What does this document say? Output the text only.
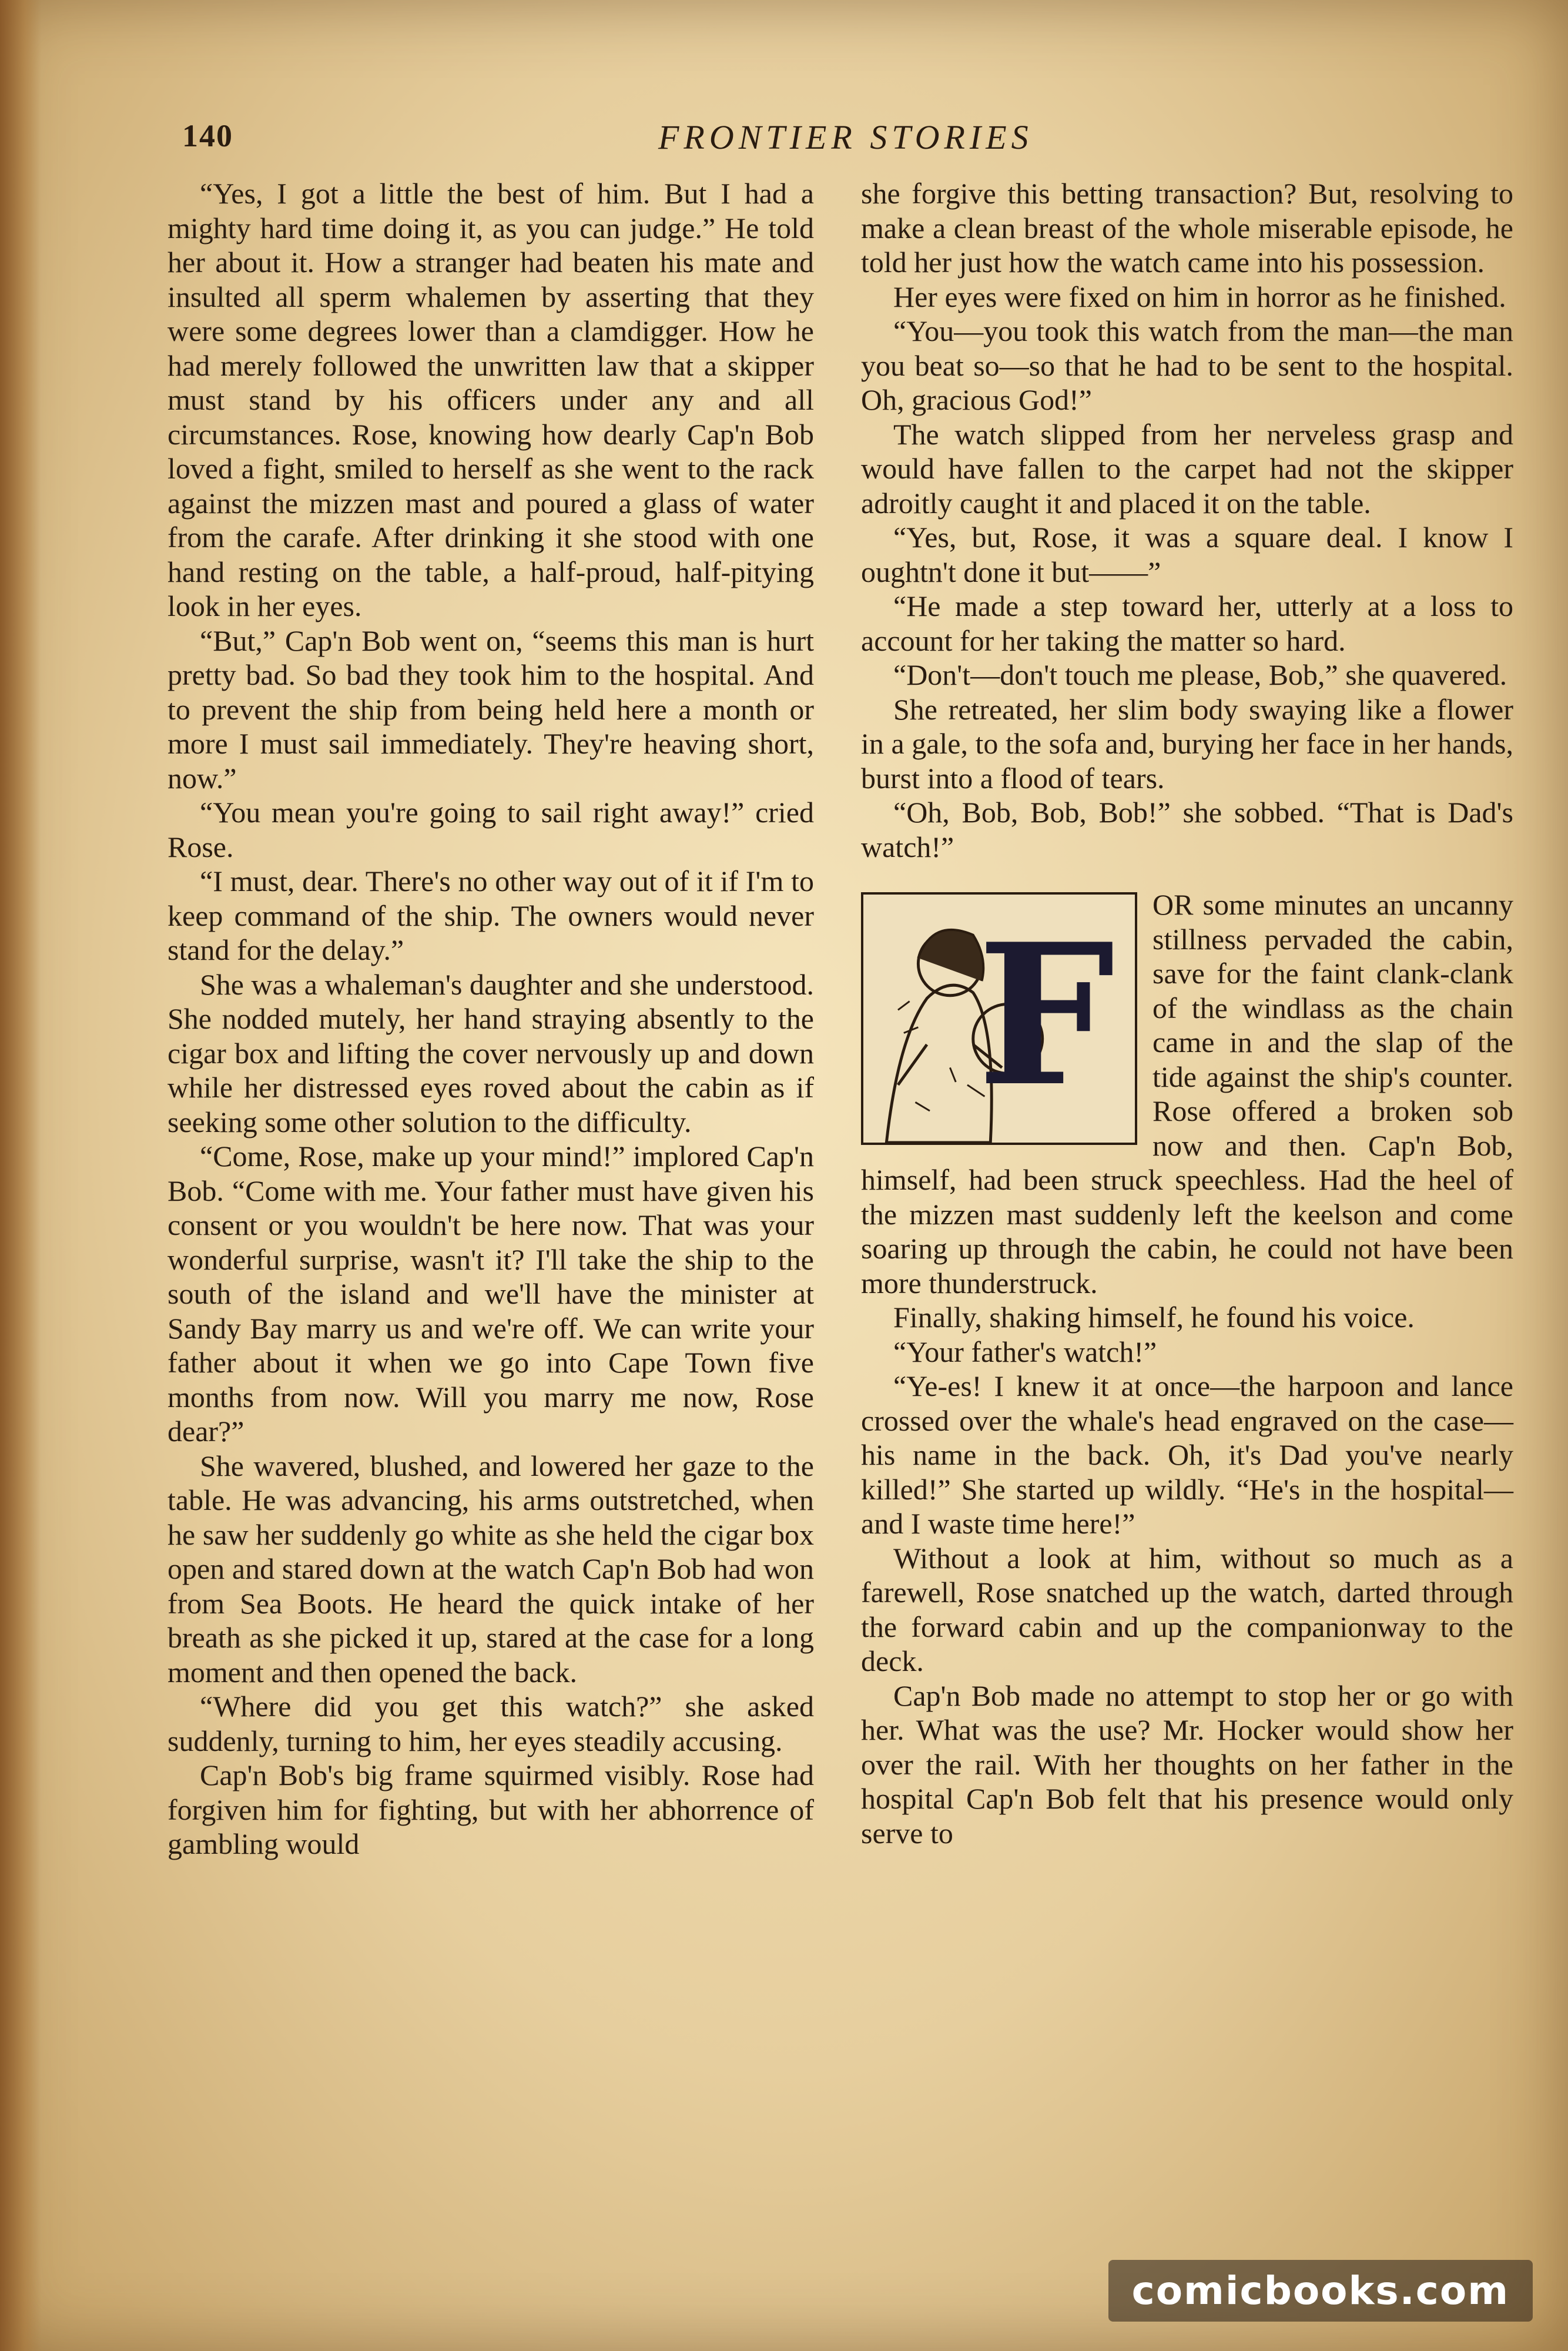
140	FRONTIER STORIES

“Yes, I got a little the best of him. But I had a mighty hard time doing it, as you can judge.” He told her about it. How a stranger had beaten his mate and insulted all sperm whalemen by asserting that they were some degrees lower than a clamdigger. How he had merely followed the unwritten law that a skipper must stand by his officers under any and all circumstances. Rose, knowing how dearly Cap'n Bob loved a fight, smiled to herself as she went to the rack against the mizzen mast and poured a glass of water from the carafe. After drinking it she stood with one hand resting on the table, a half-proud, half-pitying look in her eyes.

“But,” Cap'n Bob went on, “seems this man is hurt pretty bad. So bad they took him to the hospital. And to prevent the ship from being held here a month or more I must sail immediately. They're heaving short, now.”

“You mean you're going to sail right away!” cried Rose.

“I must, dear. There's no other way out of it if I'm to keep command of the ship. The owners would never stand for the delay.”

She was a whaleman's daughter and she understood. She nodded mutely, her hand straying absently to the cigar box and lifting the cover nervously up and down while her distressed eyes roved about the cabin as if seeking some other solution to the difficulty.

“Come, Rose, make up your mind!” implored Cap'n Bob. “Come with me. Your father must have given his consent or you wouldn't be here now. That was your wonderful surprise, wasn't it? I'll take the ship to the south of the island and we'll have the minister at Sandy Bay marry us and we're off. We can write your father about it when we go into Cape Town five months from now. Will you marry me now, Rose dear?”

She wavered, blushed, and lowered her gaze to the table. He was advancing, his arms outstretched, when he saw her suddenly go white as she held the cigar box open and stared down at the watch Cap'n Bob had won from Sea Boots. He heard the quick intake of her breath as she picked it up, stared at the case for a long moment and then opened the back.

“Where did you get this watch?” she asked suddenly, turning to him, her eyes steadily accusing.

Cap'n Bob's big frame squirmed visibly. Rose had forgiven him for fighting, but with her abhorrence of gambling would

she forgive this betting transaction? But, resolving to make a clean breast of the whole miserable episode, he told her just how the watch came into his possession.

Her eyes were fixed on him in horror as he finished.

“You—you took this watch from the man—the man you beat so—so that he had to be sent to the hospital. Oh, gracious God!”

The watch slipped from her nerveless grasp and would have fallen to the carpet had not the skipper adroitly caught it and placed it on the table.

“Yes, but, Rose, it was a square deal. I know I oughtn't done it but——”

“He made a step toward her, utterly at a loss to account for her taking the matter so hard.

“Don't—don't touch me please, Bob,” she quavered.

She retreated, her slim body swaying like a flower in a gale, to the sofa and, burying her face in her hands, burst into a flood of tears.

“Oh, Bob, Bob, Bob!” she sobbed. “That is Dad's watch!”

F	OR some minutes an uncanny stillness pervaded the cabin, save for the faint clank-clank of the windlass as the chain came in and the slap of the tide against the ship's counter. Rose offered a broken sob now and then. Cap'n Bob, himself, had been struck speechless. Had the heel of the mizzen mast suddenly left the keelson and come soaring up through the cabin, he could not have been more thunderstruck.

Finally, shaking himself, he found his voice.

“Your father's watch!”

“Ye-es! I knew it at once—the harpoon and lance crossed over the whale's head engraved on the case—his name in the back. Oh, it's Dad you've nearly killed!” She started up wildly. “He's in the hospital—and I waste time here!”

Without a look at him, without so much as a farewell, Rose snatched up the watch, darted through the forward cabin and up the companionway to the deck.

Cap'n Bob made no attempt to stop her or go with her. What was the use? Mr. Hocker would show her over the rail. With her thoughts on her father in the hospital Cap'n Bob felt that his presence would only serve to

comicbooks.com
